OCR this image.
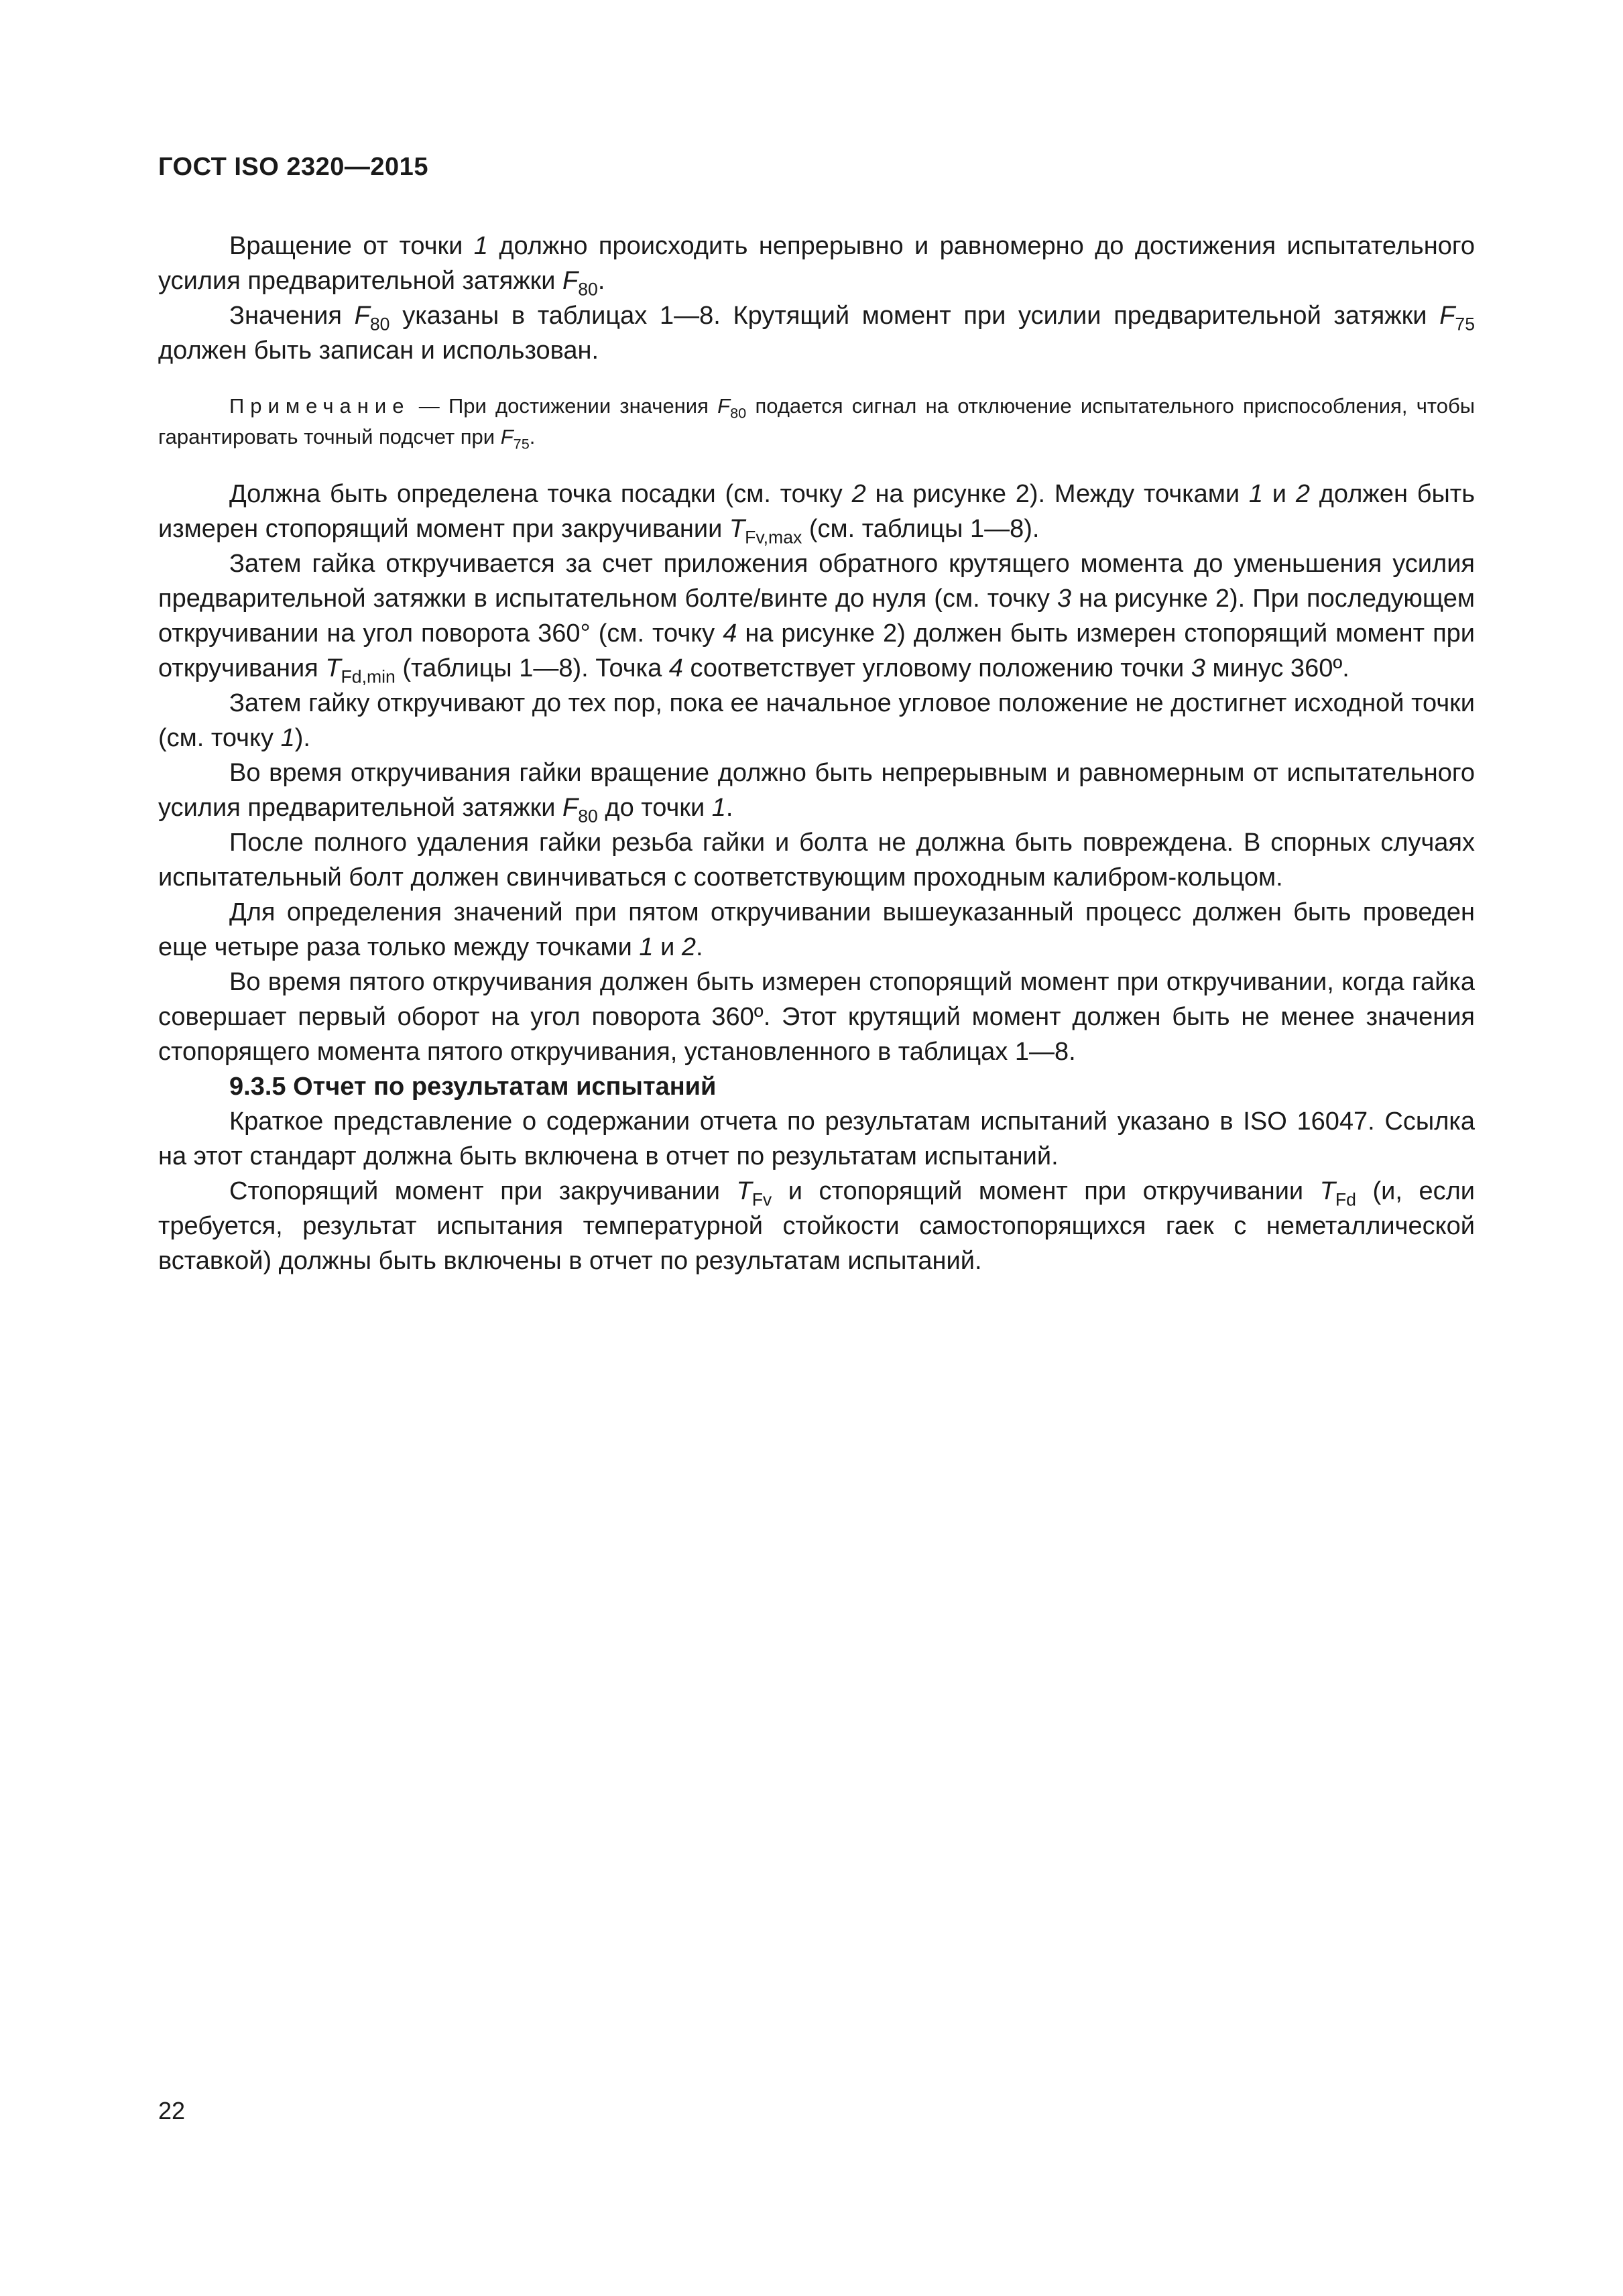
ГОСТ ISO 2320—2015

Вращение от точки 1 должно происходить непрерывно и равномерно до достижения испытательного усилия предварительной затяжки $F_{80}$.

Значения $F_{80}$ указаны в таблицах 1—8. Крутящий момент при усилии предварительной затяжки $F_{75}$ должен быть записан и использован.

Примечание — При достижении значения $F_{80}$ подается сигнал на отключение испытательного приспособления, чтобы гарантировать точный подсчет при $F_{75}$.

Должна быть определена точка посадки (см. точку 2 на рисунке 2). Между точками 1 и 2 должен быть измерен стопорящий момент при закручивании $T_{Fv,max}$ (см. таблицы 1—8).

Затем гайка откручивается за счет приложения обратного крутящего момента до уменьшения усилия предварительной затяжки в испытательном болте/винте до нуля (см. точку 3 на рисунке 2). При последующем откручивании на угол поворота 360° (см. точку 4 на рисунке 2) должен быть измерен стопорящий момент при откручивания $T_{Fd,min}$ (таблицы 1—8). Точка 4 соответствует угловому положению точки 3 минус 360º.

Затем гайку откручивают до тех пор, пока ее начальное угловое положение не достигнет исходной точки (см. точку 1).

Во время откручивания гайки вращение должно быть непрерывным и равномерным от испытательного усилия предварительной затяжки $F_{80}$ до точки 1.

После полного удаления гайки резьба гайки и болта не должна быть повреждена. В спорных случаях испытательный болт должен свинчиваться с соответствующим проходным калибром-кольцом.

Для определения значений при пятом откручивании вышеуказанный процесс должен быть проведен еще четыре раза только между точками 1 и 2.

Во время пятого откручивания должен быть измерен стопорящий момент при откручивании, когда гайка совершает первый оборот на угол поворота 360º. Этот крутящий момент должен быть не менее значения стопорящего момента пятого откручивания, установленного в таблицах 1—8.

9.3.5 Отчет по результатам испытаний

Краткое представление о содержании отчета по результатам испытаний указано в ISO 16047. Ссылка на этот стандарт должна быть включена в отчет по результатам испытаний.

Стопорящий момент при закручивании $T_{Fv}$ и стопорящий момент при откручивании $T_{Fd}$ (и, если требуется, результат испытания температурной стойкости самостопорящихся гаек с неметаллической вставкой) должны быть включены в отчет по результатам испытаний.

22
